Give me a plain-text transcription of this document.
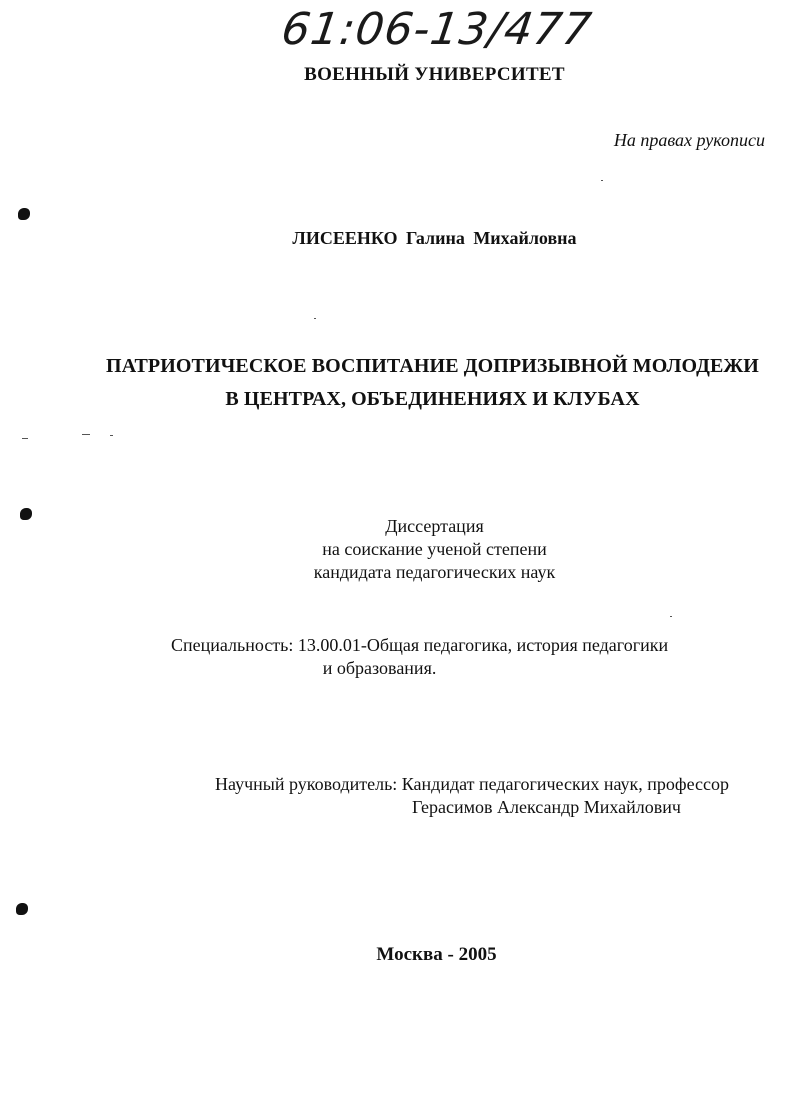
61:06-13/477
ВОЕННЫЙ УНИВЕРСИТЕТ
На правах рукописи
ЛИСЕЕНКО Галина Михайловна
ПАТРИОТИЧЕСКОЕ ВОСПИТАНИЕ ДОПРИЗЫВНОЙ МОЛОДЕЖИ
В ЦЕНТРАХ, ОБЪЕДИНЕНИЯХ И КЛУБАХ
Диссертация
на соискание ученой степени
кандидата педагогических наук
Специальность: 13.00.01-Общая педагогика, история педагогики
и образования.
Научный руководитель: Кандидат педагогических наук, профессор
Герасимов Александр Михайлович
Москва - 2005
